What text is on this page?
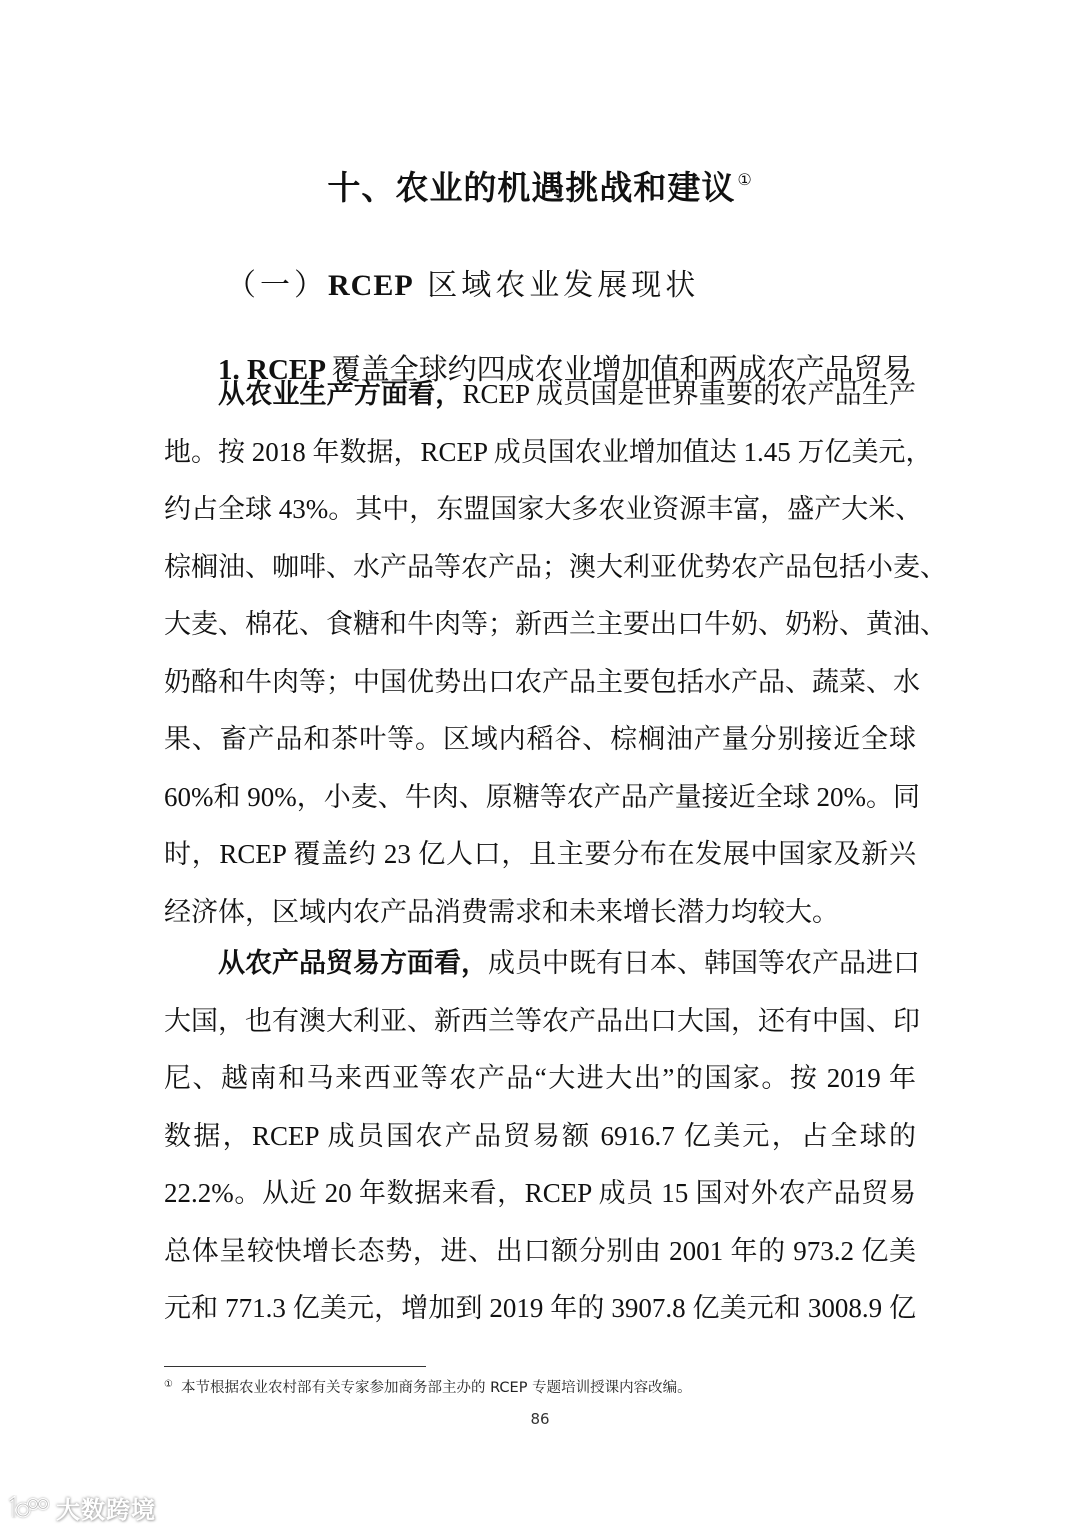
十、农业的机遇挑战和建议 ①
（一）RCEP 区域农业发展现状
1. RCEP 覆盖全球约四成农业增加值和两成农产品贸易
从农业生产方面看，RCEP 成员国是世界重要的农产品生产
地。按 2018 年数据，RCEP 成员国农业增加值达 1.45 万亿美元，
约占全球 43%。其中，东盟国家大多农业资源丰富，盛产大米、
棕榈油、咖啡、水产品等农产品；澳大利亚优势农产品包括小麦、
大麦、棉花、食糖和牛肉等；新西兰主要出口牛奶、奶粉、黄油、
奶酪和牛肉等；中国优势出口农产品主要包括水产品、蔬菜、水
果、畜产品和茶叶等。区域内稻谷、棕榈油产量分别接近全球
60%和 90%，小麦、牛肉、原糖等农产品产量接近全球 20%。同
时，RCEP 覆盖约 23 亿人口，且主要分布在发展中国家及新兴
经济体，区域内农产品消费需求和未来增长潜力均较大。
从农产品贸易方面看，成员中既有日本、韩国等农产品进口
大国，也有澳大利亚、新西兰等农产品出口大国，还有中国、印
尼、越南和马来西亚等农产品“大进大出”的国家。按 2019 年
数据，RCEP 成员国农产品贸易额 6916.7 亿美元，占全球的
22.2%。从近 20 年数据来看，RCEP 成员 15 国对外农产品贸易
总体呈较快增长态势，进、出口额分别由 2001 年的 973.2 亿美
元和 771.3 亿美元，增加到 2019 年的 3907.8 亿美元和 3008.9 亿
① 本节根据农业农村部有关专家参加商务部主办的 RCEP 专题培训授课内容改编。
86
大数跨境
